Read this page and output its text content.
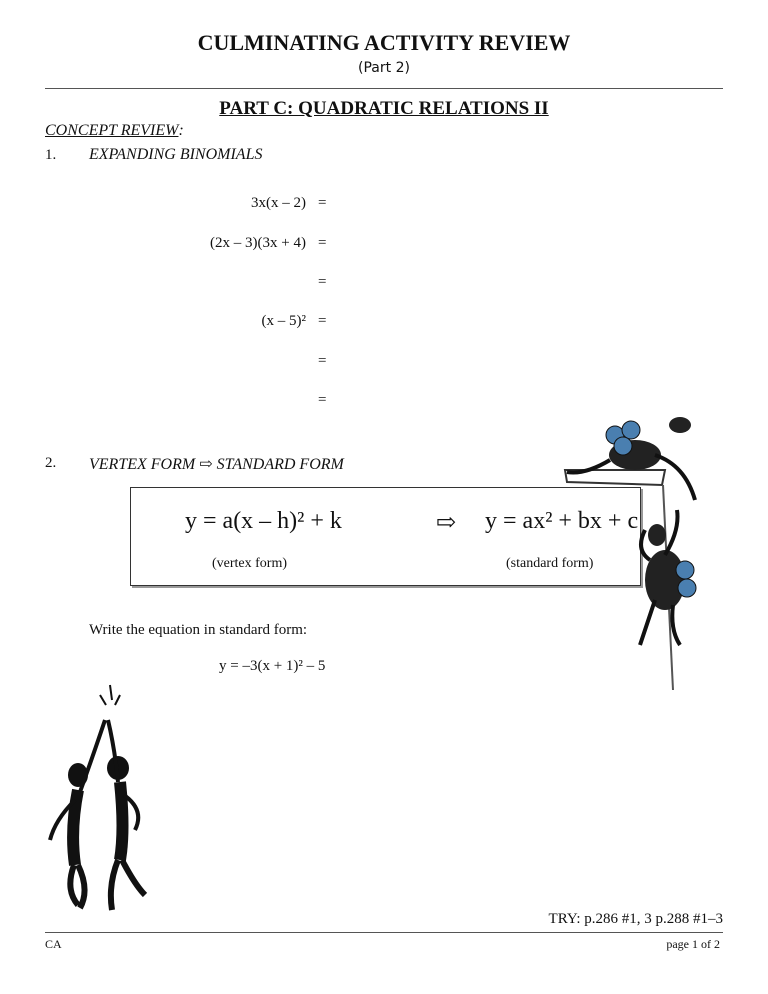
CULMINATING ACTIVITY REVIEW
(Part 2)
PART C: QUADRATIC RELATIONS II
CONCEPT REVIEW:
1. EXPANDING BINOMIALS
3x(x – 2) =
(2x – 3)(3x + 4) =
=
(x – 5)² =
=
=
2. VERTEX FORM ⇨ STANDARD FORM
y = a(x – h)² + k	⇨ y = ax² + bx + c
(vertex form)	(standard form)
Write the equation in standard form:
y = –3(x + 1)² – 5
TRY: p.286 #1, 3 p.288 #1–3
CA	page 1 of 2
